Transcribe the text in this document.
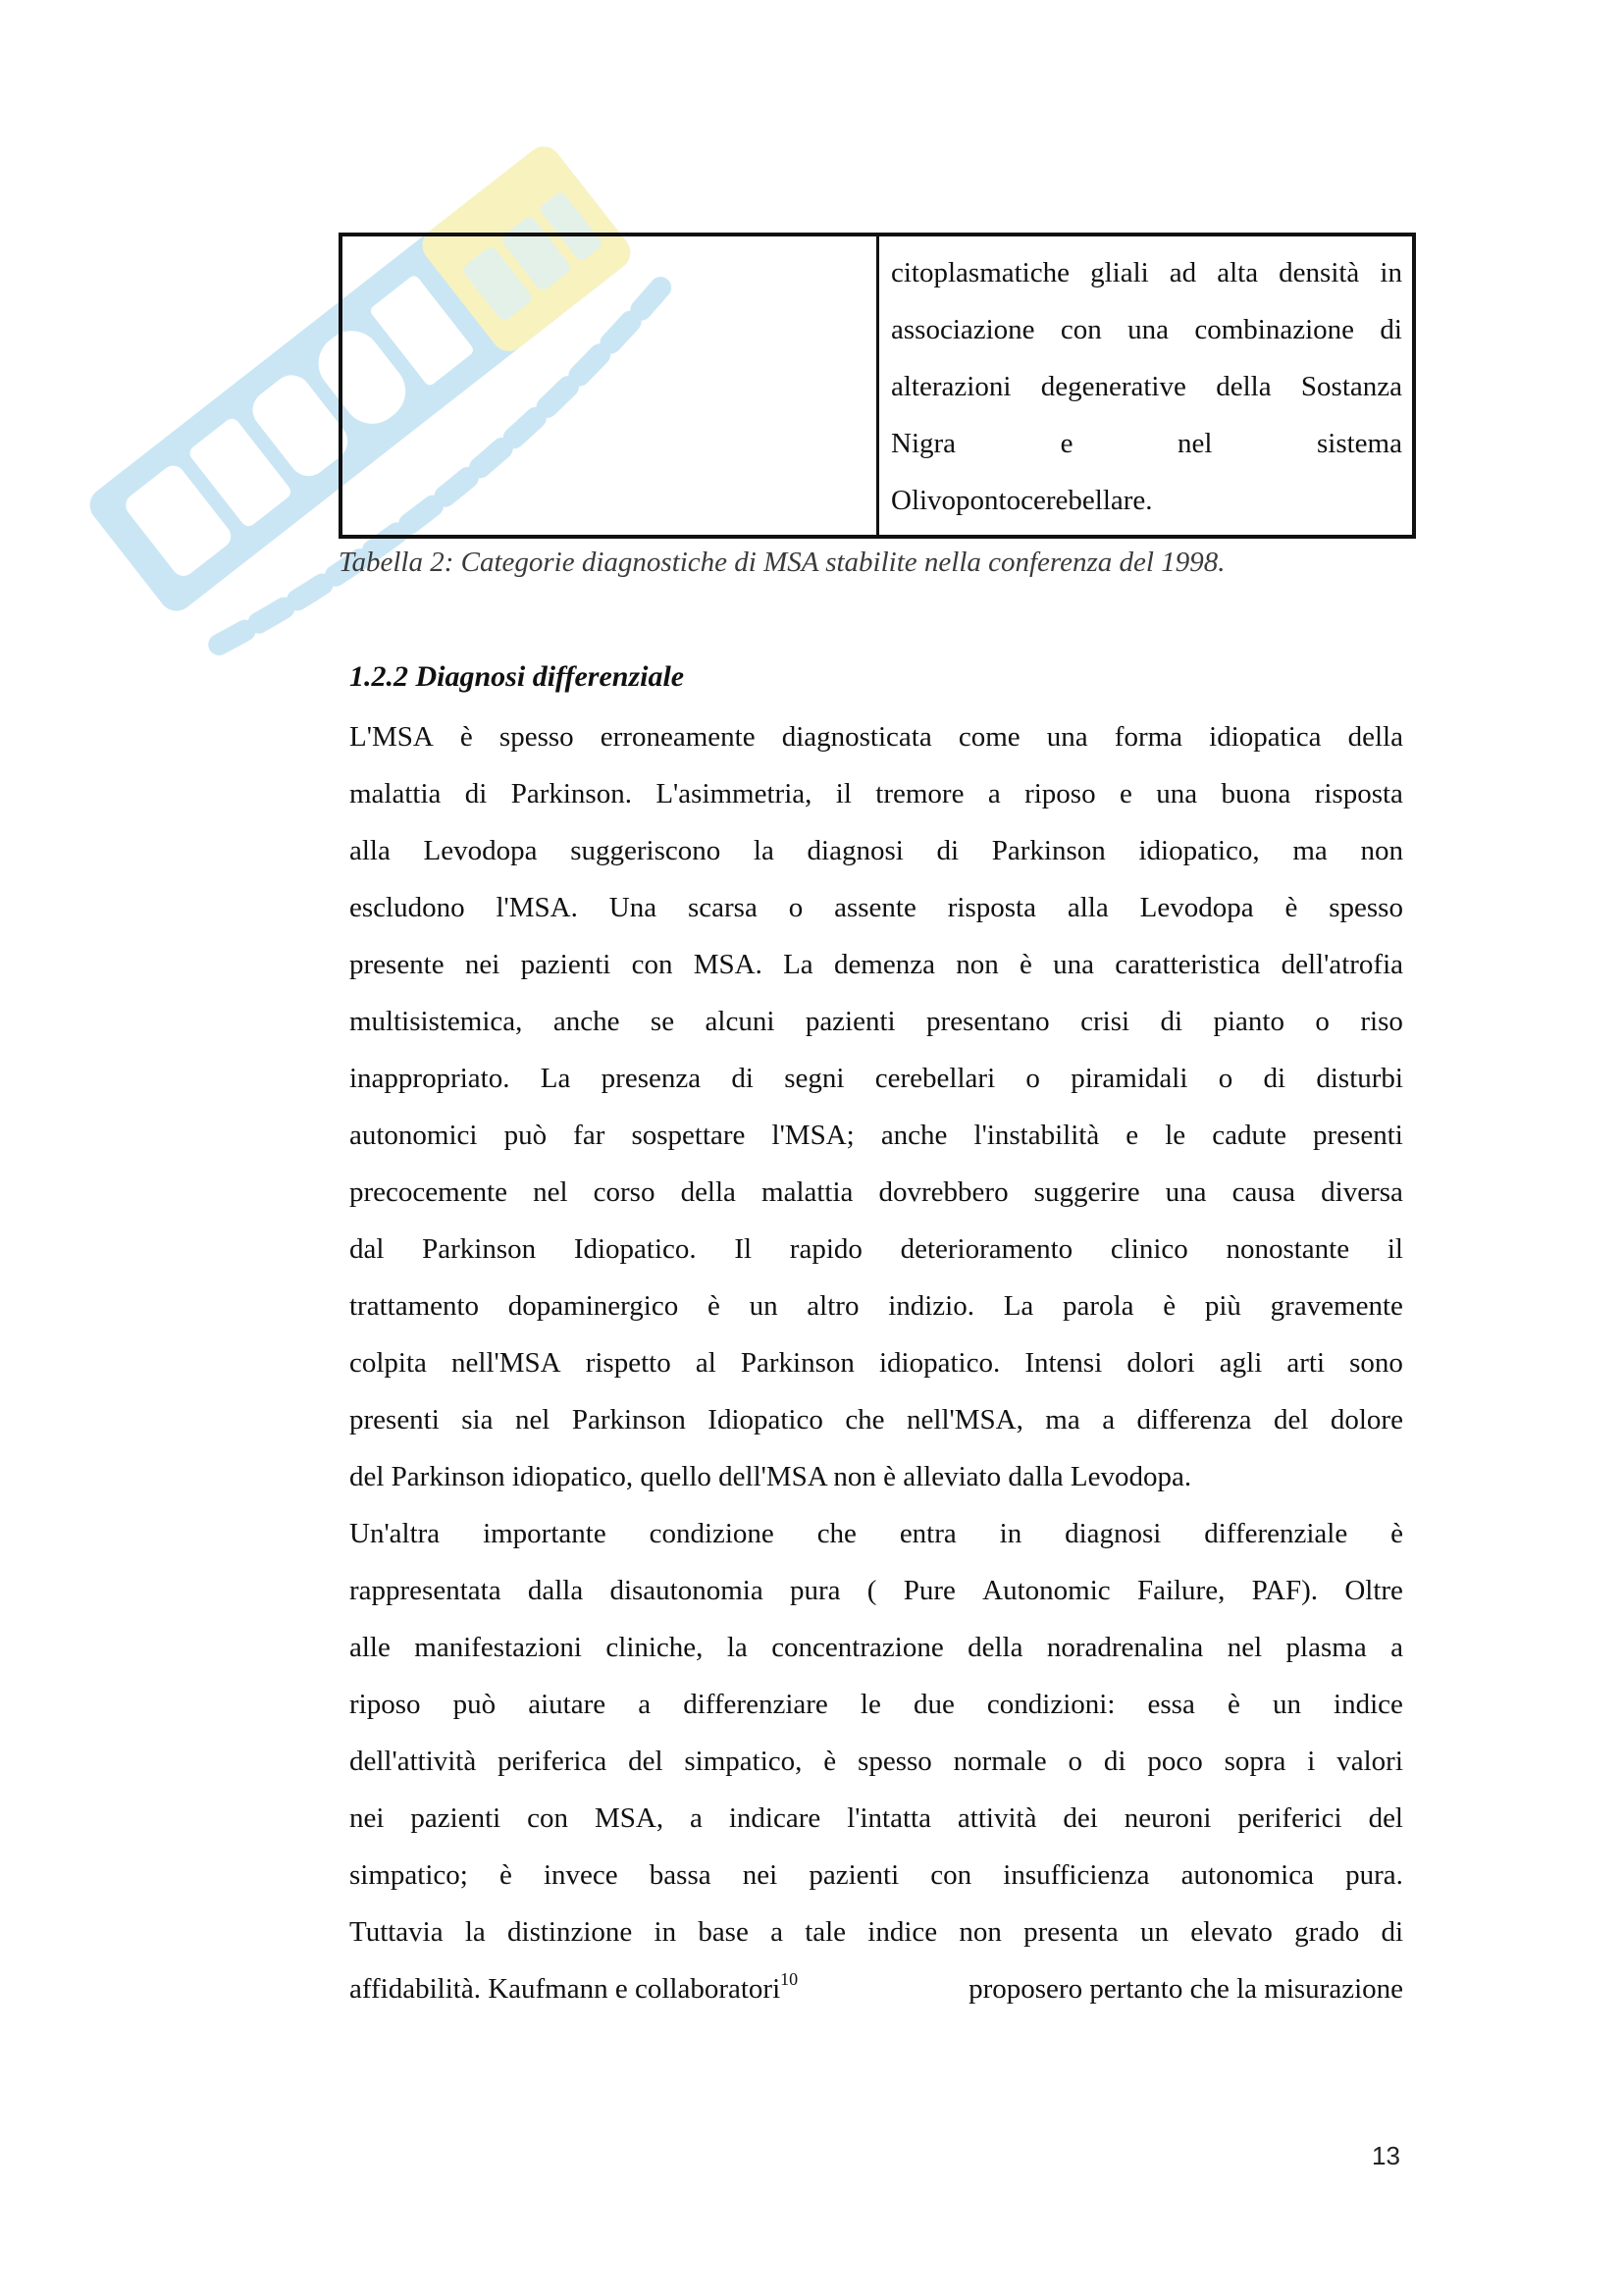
citoplasmatiche gliali ad alta densità in
associazione con una combinazione di
alterazioni degenerative della Sostanza
Nigra	e	nel	sistema
Olivopontocerebellare.
Tabella 2: Categorie diagnostiche di MSA stabilite nella conferenza del 1998.
1.2.2 Diagnosi differenziale
L'MSA è spesso erroneamente diagnosticata come una forma idiopatica della
malattia di Parkinson. L'asimmetria, il tremore a riposo e una buona risposta
alla Levodopa suggeriscono la diagnosi di Parkinson idiopatico, ma non
escludono l'MSA. Una scarsa o assente risposta alla Levodopa è spesso
presente nei pazienti con MSA. La demenza non è una caratteristica dell'atrofia
multisistemica, anche se alcuni pazienti presentano crisi di pianto o riso
inappropriato. La presenza di segni cerebellari o piramidali o di disturbi
autonomici può far sospettare l'MSA; anche l'instabilità e le cadute presenti
precocemente nel corso della malattia dovrebbero suggerire una causa diversa
dal Parkinson Idiopatico. Il rapido deterioramento clinico nonostante il
trattamento dopaminergico è un altro indizio. La parola è più gravemente
colpita nell'MSA rispetto al Parkinson idiopatico. Intensi dolori agli arti sono
presenti sia nel Parkinson Idiopatico che nell'MSA, ma a differenza del dolore
del Parkinson idiopatico, quello dell'MSA non è alleviato dalla Levodopa.
Un'altra importante condizione che entra in diagnosi differenziale è
rappresentata dalla disautonomia pura ( Pure Autonomic Failure, PAF). Oltre
alle manifestazioni cliniche, la concentrazione della noradrenalina nel plasma a
riposo può aiutare a differenziare le due condizioni: essa è un indice
dell'attività periferica del simpatico, è spesso normale o di poco sopra i valori
nei pazienti con MSA, a indicare l'intatta attività dei neuroni periferici del
simpatico; è invece bassa nei pazienti con insufficienza autonomica pura.
Tuttavia la distinzione in base a tale indice non presenta un elevato grado di
affidabilità. Kaufmann e collaboratori$^{10}$	proposero pertanto che la misurazione
13
